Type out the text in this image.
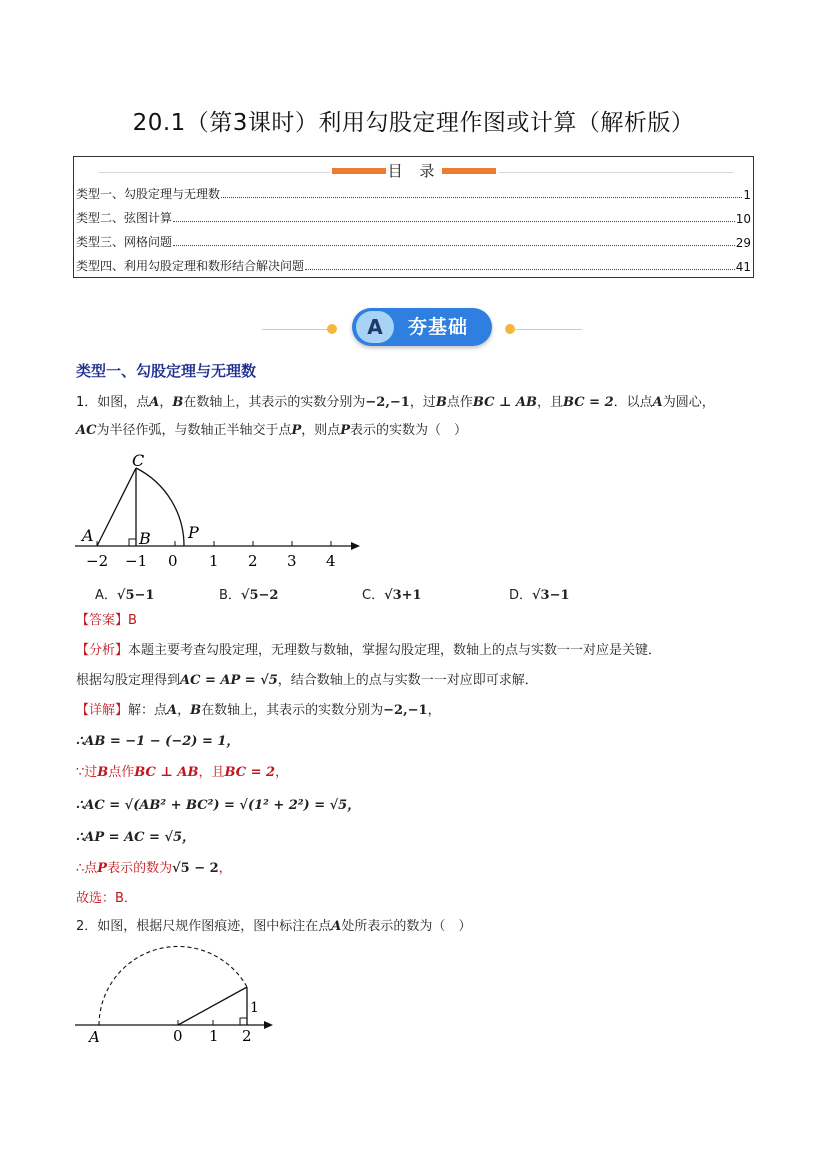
20.1（第3课时）利用勾股定理作图或计算（解析版）
目 录
类型一、勾股定理与无理数	1
类型二、弦图计算	10
类型三、网格问题	29
类型四、利用勾股定理和数形结合解决问题	41
A	夯基础
类型一、勾股定理与无理数
1．如图，点A，B在数轴上，其表示的实数分别为−2,−1，过B点作BC ⊥ AB，且BC = 2．以点A为圆心，
AC为半径作弧，与数轴正半轴交于点P，则点P表示的实数为（　）
C
A	B P
−2 −1 0 1 2 3 4
A．√5−1	B．√5−2	C．√3+1	D．√3−1
【答案】B
【分析】本题主要考查勾股定理，无理数与数轴，掌握勾股定理，数轴上的点与实数一一对应是关键．
根据勾股定理得到AC = AP = √5，结合数轴上的点与实数一一对应即可求解．
【详解】解：点A，B在数轴上，其表示的实数分别为−2,−1，
∴AB = −1 − (−2) = 1，
∵过B点作BC ⊥ AB，且BC = 2，
∴AC = √(AB² + BC²) = √(1² + 2²) = √5，
∴AP = AC = √5，
∴点P表示的数为√5 − 2，
故选：B．
2．如图，根据尺规作图痕迹，图中标注在点A处所表示的数为（　）
A
1
0 1 2
